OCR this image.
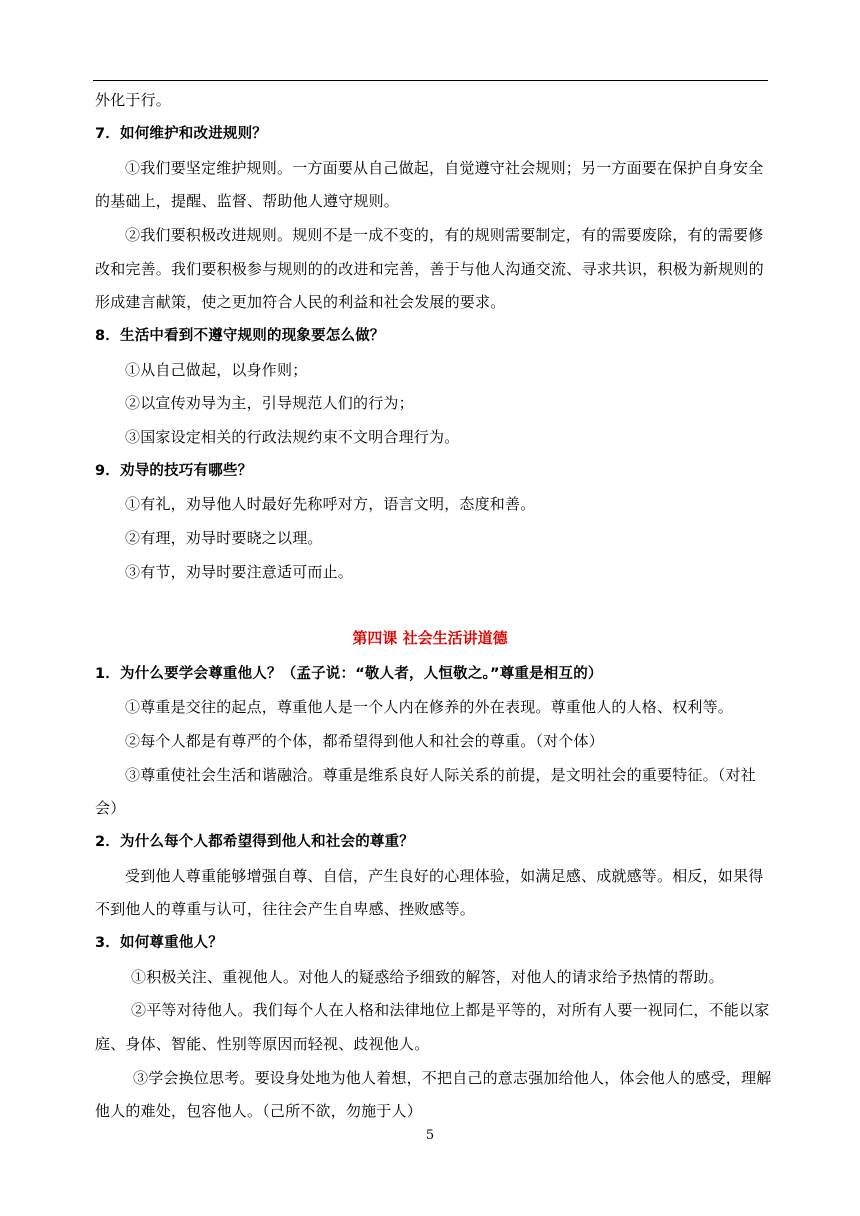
外化于行。
7．如何维护和改进规则？
①我们要坚定维护规则。一方面要从自己做起，自觉遵守社会规则；另一方面要在保护自身安全
的基础上，提醒、监督、帮助他人遵守规则。
②我们要积极改进规则。规则不是一成不变的，有的规则需要制定，有的需要废除，有的需要修
改和完善。我们要积极参与规则的的改进和完善，善于与他人沟通交流、寻求共识，积极为新规则的
形成建言献策，使之更加符合人民的利益和社会发展的要求。
8．生活中看到不遵守规则的现象要怎么做？
①从自己做起，以身作则；
②以宣传劝导为主，引导规范人们的行为；
③国家设定相关的行政法规约束不文明合理行为。
9．劝导的技巧有哪些？
①有礼，劝导他人时最好先称呼对方，语言文明，态度和善。
②有理，劝导时要晓之以理。
③有节，劝导时要注意适可而止。
第四课 社会生活讲道德
1．为什么要学会尊重他人？（孟子说：“敬人者，人恒敬之。”尊重是相互的）
①尊重是交往的起点，尊重他人是一个人内在修养的外在表现。尊重他人的人格、权利等。
②每个人都是有尊严的个体，都希望得到他人和社会的尊重。（对个体）
③尊重使社会生活和谐融洽。尊重是维系良好人际关系的前提，是文明社会的重要特征。（对社
会）
2．为什么每个人都希望得到他人和社会的尊重？
受到他人尊重能够增强自尊、自信，产生良好的心理体验，如满足感、成就感等。相反，如果得
不到他人的尊重与认可，往往会产生自卑感、挫败感等。
3．如何尊重他人？
①积极关注、重视他人。对他人的疑惑给予细致的解答，对他人的请求给予热情的帮助。
②平等对待他人。我们每个人在人格和法律地位上都是平等的，对所有人要一视同仁，不能以家
庭、身体、智能、性别等原因而轻视、歧视他人。
③学会换位思考。要设身处地为他人着想，不把自己的意志强加给他人，体会他人的感受，理解
他人的难处，包容他人。（己所不欲，勿施于人）
5
